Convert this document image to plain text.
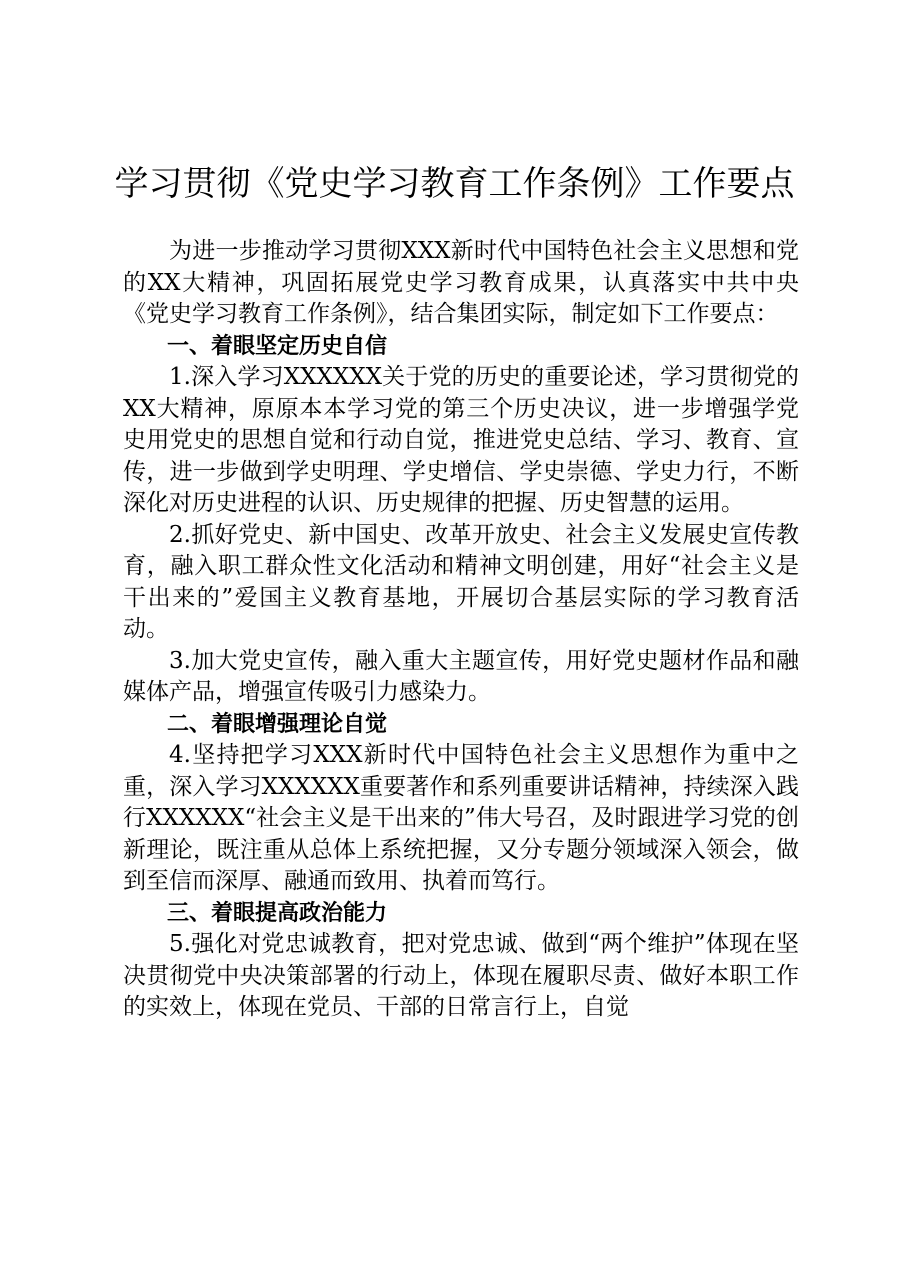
学习贯彻《党史学习教育工作条例》工作要点

为进一步推动学习贯彻XXX新时代中国特色社会主义思想和党的XX大精神，巩固拓展党史学习教育成果，认真落实中共中央《党史学习教育工作条例》，结合集团实际，制定如下工作要点：

一、着眼坚定历史自信

1.深入学习XXXXXX关于党的历史的重要论述，学习贯彻党的XX大精神，原原本本学习党的第三个历史决议，进一步增强学党史用党史的思想自觉和行动自觉，推进党史总结、学习、教育、宣传，进一步做到学史明理、学史增信、学史崇德、学史力行，不断深化对历史进程的认识、历史规律的把握、历史智慧的运用。

2.抓好党史、新中国史、改革开放史、社会主义发展史宣传教育，融入职工群众性文化活动和精神文明创建，用好“社会主义是干出来的”爱国主义教育基地，开展切合基层实际的学习教育活动。

3.加大党史宣传，融入重大主题宣传，用好党史题材作品和融媒体产品，增强宣传吸引力感染力。

二、着眼增强理论自觉

4.坚持把学习XXX新时代中国特色社会主义思想作为重中之重，深入学习XXXXXX重要著作和系列重要讲话精神，持续深入践行XXXXXX“社会主义是干出来的”伟大号召，及时跟进学习党的创新理论，既注重从总体上系统把握，又分专题分领域深入领会，做到至信而深厚、融通而致用、执着而笃行。

三、着眼提高政治能力

5.强化对党忠诚教育，把对党忠诚、做到“两个维护”体现在坚决贯彻党中央决策部署的行动上，体现在履职尽责、做好本职工作的实效上，体现在党员、干部的日常言行上，自觉
